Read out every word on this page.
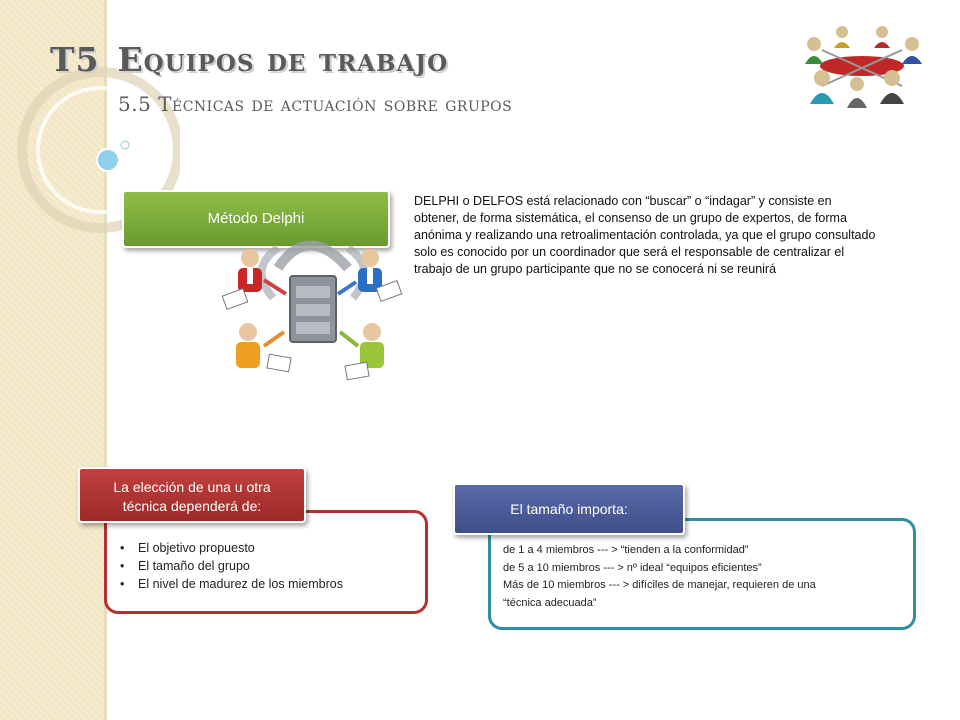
T5 Equipos de trabajo
5.5 Técnicas de actuación sobre grupos
Método Delphi
DELPHI o DELFOS está relacionado con “buscar” o “indagar” y consiste en obtener, de forma sistemática, el consenso de un grupo de expertos, de forma anónima y realizando una retroalimentación controlada, ya que el grupo consultado solo es conocido por un coordinador que será el responsable de centralizar el trabajo de un grupo participante que no se conocerá ni se reunirá
La elección de una u otra
técnica dependerá de:
• El objetivo propuesto
• El tamaño del grupo
• El nivel de madurez de los miembros
El tamaño importa:
de 1 a 4 miembros --- > “tienden a la conformidad”
de 5 a 10 miembros --- > nº ideal “equipos eficientes”
Más de 10 miembros --- > difíciles de manejar, requieren de una
“técnica adecuada”
